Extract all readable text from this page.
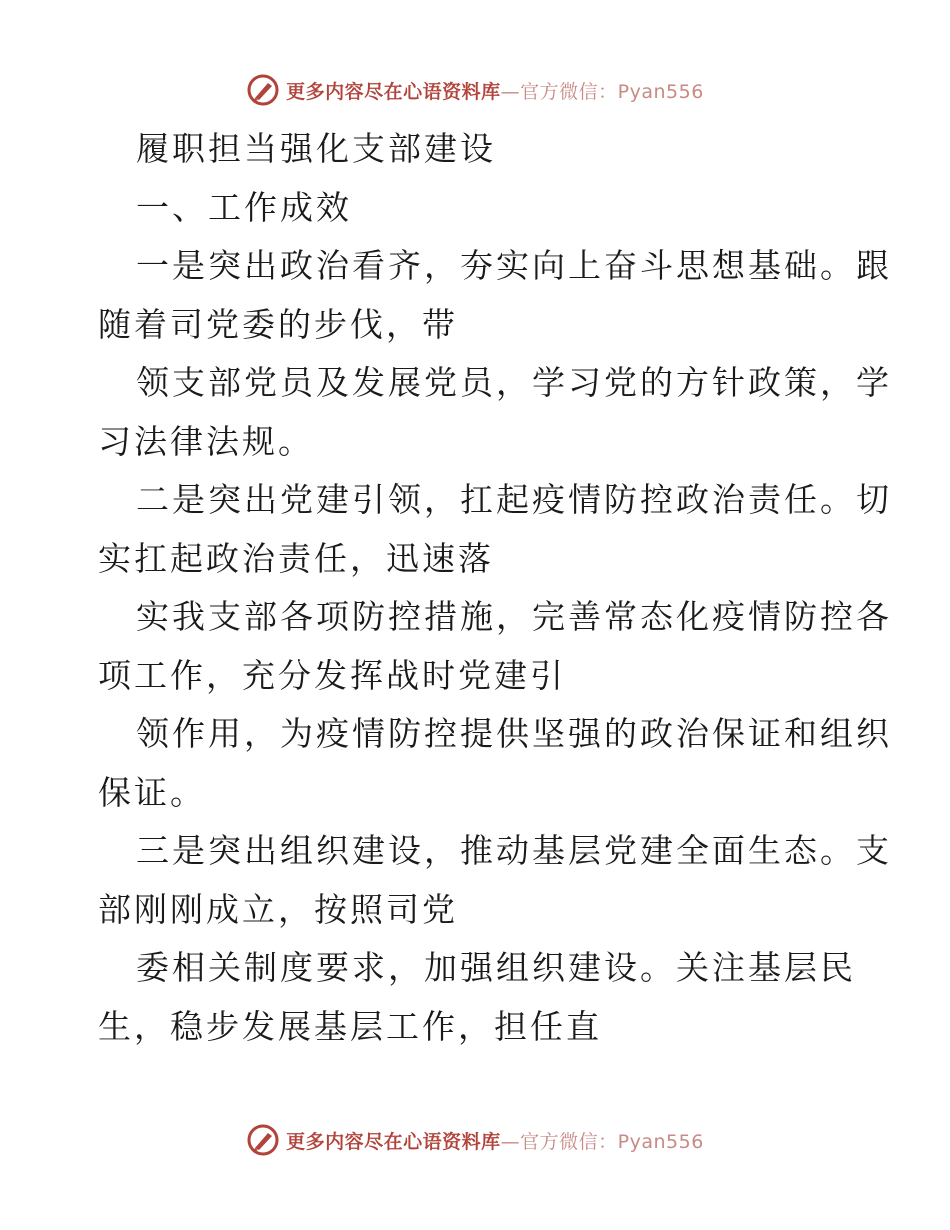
更多内容尽在心语资料库—官方微信：Pyan556
履职担当强化支部建设
一、工作成效
一是突出政治看齐，夯实向上奋斗思想基础。跟
随着司党委的步伐，带
领支部党员及发展党员，学习党的方针政策，学
习法律法规。
二是突出党建引领，扛起疫情防控政治责任。切
实扛起政治责任，迅速落
实我支部各项防控措施，完善常态化疫情防控各
项工作，充分发挥战时党建引
领作用，为疫情防控提供坚强的政治保证和组织
保证。
三是突出组织建设，推动基层党建全面生态。支
部刚刚成立，按照司党
委相关制度要求，加强组织建设。关注基层民
生，稳步发展基层工作，担任直
更多内容尽在心语资料库—官方微信：Pyan556
